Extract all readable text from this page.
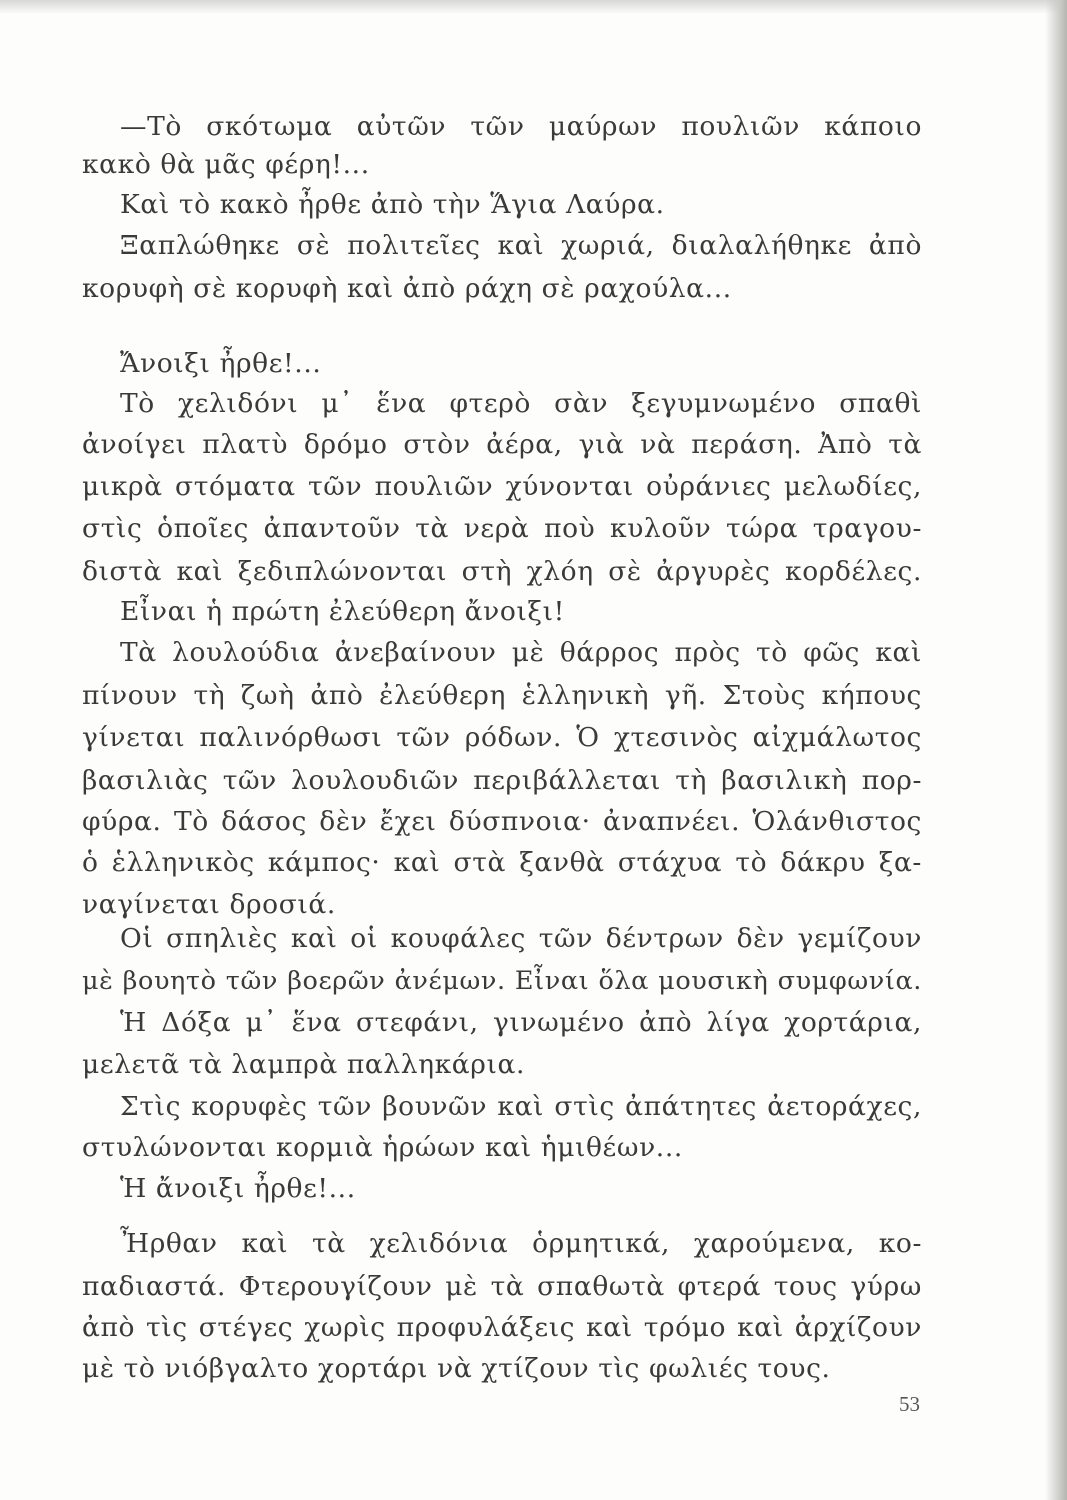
—Τὸ σκότωμα αὐτῶν τῶν μαύρων πουλιῶν κάποιο
κακὸ θὰ μᾶς φέρη!...
Καὶ τὸ κακὸ ἦρθε ἀπὸ τὴν Ἅγια Λαύρα.
Ξαπλώθηκε σὲ πολιτεῖες καὶ χωριά, διαλαλήθηκε ἀπὸ
κορυφὴ σὲ κορυφὴ καὶ ἀπὸ ράχη σὲ ραχούλα...
Ἄνοιξι ἦρθε!...
Τὸ χελιδόνι μ᾽ ἕνα φτερὸ σὰν ξεγυμνωμένο σπαθὶ
ἀνοίγει πλατὺ δρόμο στὸν ἀέρα, γιὰ νὰ περάση. Ἀπὸ τὰ
μικρὰ στόματα τῶν πουλιῶν χύνονται οὐράνιες μελωδίες,
στὶς ὁποῖες ἀπαντοῦν τὰ νερὰ ποὺ κυλοῦν τώρα τραγου-
διστὰ καὶ ξεδιπλώνονται στὴ χλόη σὲ ἀργυρὲς κορδέλες.
Εἶναι ἡ πρώτη ἐλεύθερη ἄνοιξι!
Τὰ λουλούδια ἀνεβαίνουν μὲ θάρρος πρὸς τὸ φῶς καὶ
πίνουν τὴ ζωὴ ἀπὸ ἐλεύθερη ἑλληνικὴ γῆ. Στοὺς κήπους
γίνεται παλινόρθωσι τῶν ρόδων. Ὁ χτεσινὸς αἰχμάλωτος
βασιλιὰς τῶν λουλουδιῶν περιβάλλεται τὴ βασιλικὴ πορ-
φύρα. Τὸ δάσος δὲν ἔχει δύσπνοια· ἀναπνέει. Ὁλάνθιστος
ὁ ἑλληνικὸς κάμπος· καὶ στὰ ξανθὰ στάχυα τὸ δάκρυ ξα-
ναγίνεται δροσιά.
Οἱ σπηλιὲς καὶ οἱ κουφάλες τῶν δέντρων δὲν γεμίζουν
μὲ βουητὸ τῶν βοερῶν ἀνέμων. Εἶναι ὅλα μουσικὴ συμφωνία.
Ἡ Δόξα μ᾽ ἕνα στεφάνι, γινωμένο ἀπὸ λίγα χορτάρια,
μελετᾶ τὰ λαμπρὰ παλληκάρια.
Στὶς κορυφὲς τῶν βουνῶν καὶ στὶς ἀπάτητες ἀετοράχες,
στυλώνονται κορμιὰ ἡρώων καὶ ἡμιθέων...
Ἡ ἄνοιξι ἦρθε!...
Ἦρθαν καὶ τὰ χελιδόνια ὁρμητικά, χαρούμενα, κο-
παδιαστά. Φτερουγίζουν μὲ τὰ σπαθωτὰ φτερά τους γύρω
ἀπὸ τὶς στέγες χωρὶς προφυλάξεις καὶ τρόμο καὶ ἀρχίζουν
μὲ τὸ νιόβγαλτο χορτάρι νὰ χτίζουν τὶς φωλιές τους.
53
